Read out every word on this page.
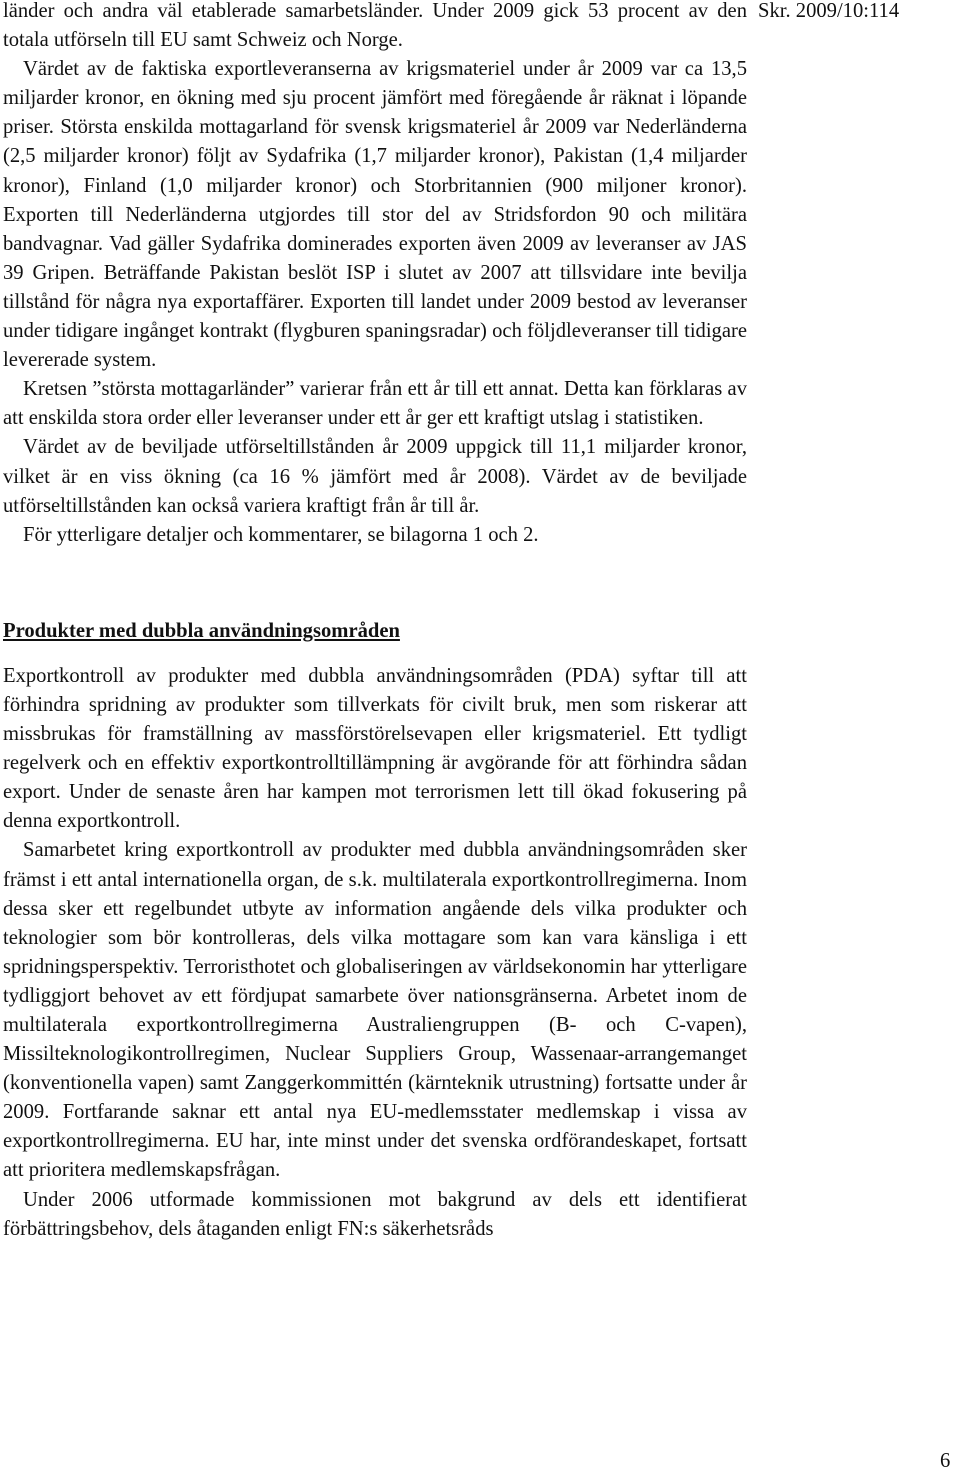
länder och andra väl etablerade samarbetsländer. Under 2009 gick 53 procent av den totala utförseln till EU samt Schweiz och Norge.

Värdet av de faktiska exportleveranserna av krigsmateriel under år 2009 var ca 13,5 miljarder kronor, en ökning med sju procent jämfört med föregående år räknat i löpande priser. Största enskilda mottagarland för svensk krigsmateriel år 2009 var Nederländerna (2,5 miljarder kronor) följt av Sydafrika (1,7 miljarder kronor), Pakistan (1,4 miljarder kronor), Finland (1,0 miljarder kronor) och Storbritannien (900 miljoner kronor). Exporten till Nederländerna utgjordes till stor del av Stridsfordon 90 och militära bandvagnar. Vad gäller Sydafrika dominerades exporten även 2009 av leveranser av JAS 39 Gripen. Beträffande Pakistan beslöt ISP i slutet av 2007 att tillsvidare inte bevilja tillstånd för några nya exportaffärer. Exporten till landet under 2009 bestod av leveranser under tidigare ingånget kontrakt (flygburen spaningsradar) och följdleveranser till tidigare levererade system.

Kretsen ”största mottagarländer” varierar från ett år till ett annat. Detta kan förklaras av att enskilda stora order eller leveranser under ett år ger ett kraftigt utslag i statistiken.

Värdet av de beviljade utförseltillstånden år 2009 uppgick till 11,1 miljarder kronor, vilket är en viss ökning (ca 16 % jämfört med år 2008). Värdet av de beviljade utförseltillstånden kan också variera kraftigt från år till år.

För ytterligare detaljer och kommentarer, se bilagorna 1 och 2.

Produkter med dubbla användningsområden

Exportkontroll av produkter med dubbla användningsområden (PDA) syftar till att förhindra spridning av produkter som tillverkats för civilt bruk, men som riskerar att missbrukas för framställning av massförstörelsevapen eller krigsmateriel. Ett tydligt regelverk och en effektiv exportkontrolltillämpning är avgörande för att förhindra sådan export. Under de senaste åren har kampen mot terrorismen lett till ökad fokusering på denna exportkontroll.

Samarbetet kring exportkontroll av produkter med dubbla användningsområden sker främst i ett antal internationella organ, de s.k. multilaterala exportkontrollregimerna. Inom dessa sker ett regelbundet utbyte av information angående dels vilka produkter och teknologier som bör kontrolleras, dels vilka mottagare som kan vara känsliga i ett spridningsperspektiv. Terroristhotet och globaliseringen av världsekonomin har ytterligare tydliggjort behovet av ett fördjupat samarbete över nationsgränserna. Arbetet inom de multilaterala exportkontrollregimerna Australiengruppen (B- och C-vapen), Missilteknologikontrollregimen, Nuclear Suppliers Group, Wassenaar-arrangemanget (konventionella vapen) samt Zanggerkommittén (kärnteknik utrustning) fortsatte under år 2009. Fortfarande saknar ett antal nya EU-medlemsstater medlemskap i vissa av exportkontrollregimerna. EU har, inte minst under det svenska ordförandeskapet, fortsatt att prioritera medlemskapsfrågan.

Under 2006 utformade kommissionen mot bakgrund av dels ett identifierat förbättringsbehov, dels åtaganden enligt FN:s säkerhetsråds

Skr. 2009/10:114
6
